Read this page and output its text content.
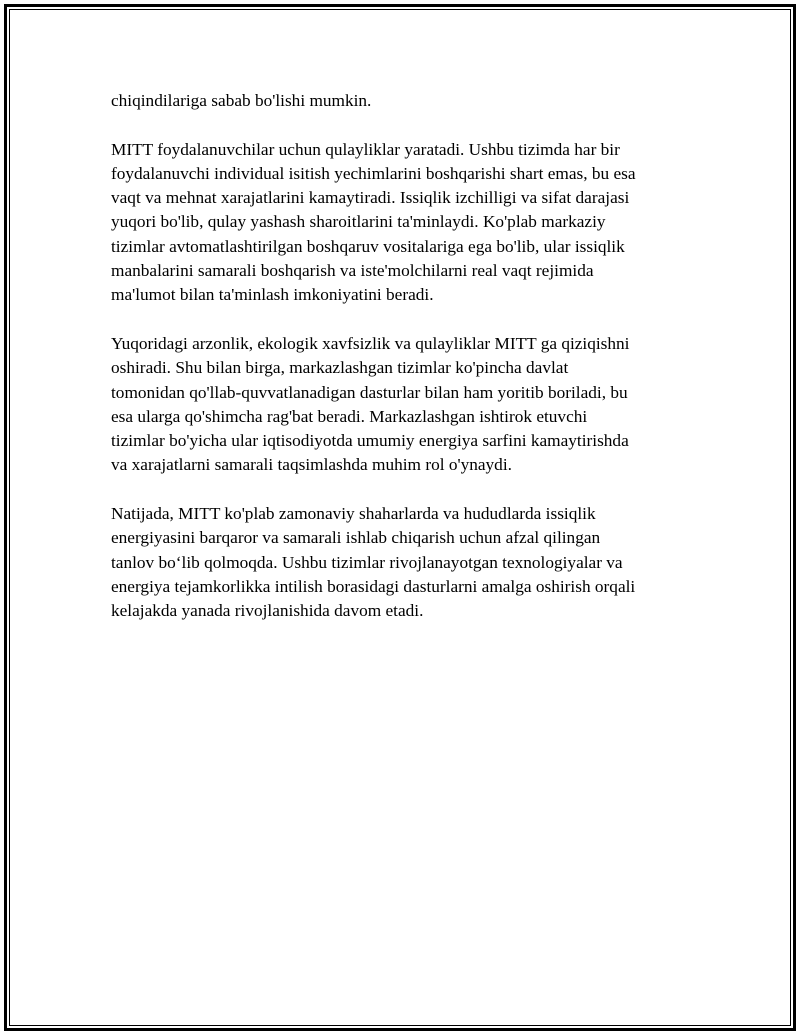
chiqindilariga sabab bo'lishi mumkin.

MITT foydalanuvchilar uchun qulayliklar yaratadi. Ushbu tizimda har bir
foydalanuvchi individual isitish yechimlarini boshqarishi shart emas, bu esa
vaqt va mehnat xarajatlarini kamaytiradi. Issiqlik izchilligi va sifat darajasi
yuqori bo'lib, qulay yashash sharoitlarini ta'minlaydi. Ko'plab markaziy
tizimlar avtomatlashtirilgan boshqaruv vositalariga ega bo'lib, ular issiqlik
manbalarini samarali boshqarish va iste'molchilarni real vaqt rejimida
ma'lumot bilan ta'minlash imkoniyatini beradi.

Yuqoridagi arzonlik, ekologik xavfsizlik va qulayliklar MITT ga qiziqishni
oshiradi. Shu bilan birga, markazlashgan tizimlar ko'pincha davlat
tomonidan qo'llab-quvvatlanadigan dasturlar bilan ham yoritib boriladi, bu
esa ularga qo'shimcha rag'bat beradi. Markazlashgan ishtirok etuvchi
tizimlar bo'yicha ular iqtisodiyotda umumiy energiya sarfini kamaytirishda
va xarajatlarni samarali taqsimlashda muhim rol o'ynaydi.

Natijada, MITT ko'plab zamonaviy shaharlarda va hududlarda issiqlik
energiyasini barqaror va samarali ishlab chiqarish uchun afzal qilingan
tanlov bo‘lib qolmoqda. Ushbu tizimlar rivojlanayotgan texnologiyalar va
energiya tejamkorlikka intilish borasidagi dasturlarni amalga oshirish orqali
kelajakda yanada rivojlanishida davom etadi.
